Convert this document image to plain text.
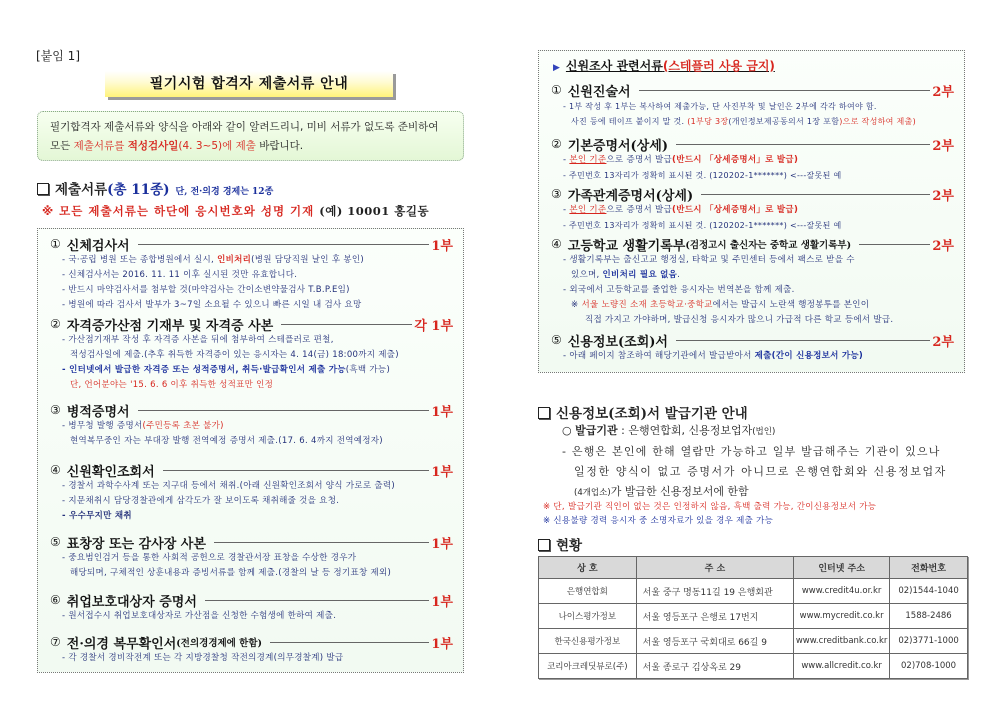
[붙임 1]
필기시험 합격자 제출서류 안내
필기합격자 제출서류와 양식을 아래와 같이 알려드리니, 미비 서류가 없도록 준비하여
모든 제출서류를 적성검사일(4. 3~5)에 제출 바랍니다.
제출서류(총 11종) 단, 전·의경 경제는 12종
※ 모든 제출서류는 하단에 응시번호와 성명 기재 (예) 10001 홍길동
① 신체검사서	1부
- 국·공립 병원 또는 종합병원에서 실시, 인비처리(병원 담당직원 날인 후 봉인)
- 신체검사서는 2016. 11. 11 이후 실시된 것만 유효합니다.
- 반드시 마약검사서를 첨부할 것(마약검사는 간이소변약물검사 T.B.P.E임)
- 병원에 따라 검사서 발부가 3~7일 소요될 수 있으니 빠른 시일 내 검사 요망
② 자격증가산점 기재부 및 자격증 사본	각 1부
- 가산점기재부 작성 후 자격증 사본을 뒤에 첨부하여 스테플러로 편철,
적성검사일에 제출.(추후 취득한 자격증이 있는 응시자는 4. 14(금) 18:00까지 제출)
- 인터넷에서 발급한 자격증 또는 성적증명서, 취득·발급확인서 제출 가능(흑백 가능)
단, 언어분야는 '15. 6. 6 이후 취득한 성적표만 인정
③ 병적증명서	1부
- 병무청 발행 증명서(주민등록 초본 불가)
현역복무중인 자는 부대장 발행 전역예정 증명서 제출.(17. 6. 4까지 전역예정자)
④ 신원확인조회서	1부
- 경찰서 과학수사계 또는 지구대 등에서 채취.(아래 신원확인조회서 양식 가로로 출력)
- 지문채취시 담당경찰관에게 삼각도가 잘 보이도록 채취해줄 것을 요청.
- 우수무지만 채취
⑤ 표창장 또는 감사장 사본	1부
- 중요범인검거 등을 통한 사회적 공헌으로 경찰관서장 표창을 수상한 경우가
해당되며, 구체적인 상훈내용과 증빙서류를 함께 제출.(경찰의 날 등 정기표창 제외)
⑥ 취업보호대상자 증명서	1부
- 원서접수시 취업보호대상자로 가산점을 신청한 수험생에 한하여 제출.
⑦ 전·의경 복무확인서 (전의경경제에 한함)	1부
- 각 경찰서 경비작전계 또는 각 지방경찰청 작전의경계(의무경찰계) 발급
▶ 신원조사 관련서류(스테플러 사용 금지)
① 신원진술서	2부
- 1부 작성 후 1부는 복사하여 제출가능, 단 사진부착 및 날인은 2부에 각각 하여야 함.
사진 등에 테이프 붙이지 말 것. (1부당 3장(개인정보제공동의서 1장 포함)으로 작성하여 제출)
② 기본증명서(상세)	2부
- 본인 기준으로 증명서 발급(반드시 「상세증명서」로 발급)
- 주민번호 13자리가 정확히 표시된 것. (120202-1*******) <---잘못된 예
③ 가족관계증명서(상세)	2부
- 본인 기준으로 증명서 발급(반드시 「상세증명서」로 발급)
- 주민번호 13자리가 정확히 표시된 것. (120202-1*******) <---잘못된 예
④ 고등학교 생활기록부 (검정고시 출신자는 중학교 생활기록부)	2부
- 생활기록부는 출신고교 행정실, 타학교 및 주민센터 등에서 팩스로 받을 수
있으며, 인비처리 필요 없음.
- 외국에서 고등학교를 졸업한 응시자는 번역본을 함께 제출.
※ 서울 노량진 소재 초등학교·중학교에서는 발급시 노란색 행정봉투를 본인이
직접 가지고 가야하며, 발급신청 응시자가 많으니 가급적 다른 학교 등에서 발급.
⑤ 신용정보(조회)서	2부
- 아래 페이지 참조하여 해당기관에서 발급받아서 제출(간이 신용정보서 가능)
신용정보(조회)서 발급기관 안내
○ 발급기관 : 은행연합회, 신용정보업자(법인)
- 은행은 본인에 한해 열람만 가능하고 일부 발급해주는 기관이 있으나
일정한 양식이 없고 증명서가 아니므로 은행연합회와 신용정보업자
(4개업소)가 발급한 신용정보서에 한함
※ 단, 발급기관 직인이 없는 것은 인정하지 않음, 흑백 출력 가능, 간이신용정보서 가능
※ 신용불량 경력 응시자 중 소명자료가 있을 경우 제출 가능
현황
상 호	주 소	인터넷 주소	전화번호
은행연합회	서울 중구 명동11길 19 은행회관	www.credit4u.or.kr	02)1544-1040
나이스평가정보	서울 영등포구 은행로 17번지	www.mycredit.co.kr	1588-2486
한국신용평가정보	서울 영등포구 국회대로 66길 9	www.creditbank.co.kr	02)3771-1000
코리아크레딧뷰로(주)	서울 종로구 김상옥로 29	www.allcredit.co.kr	02)708-1000
